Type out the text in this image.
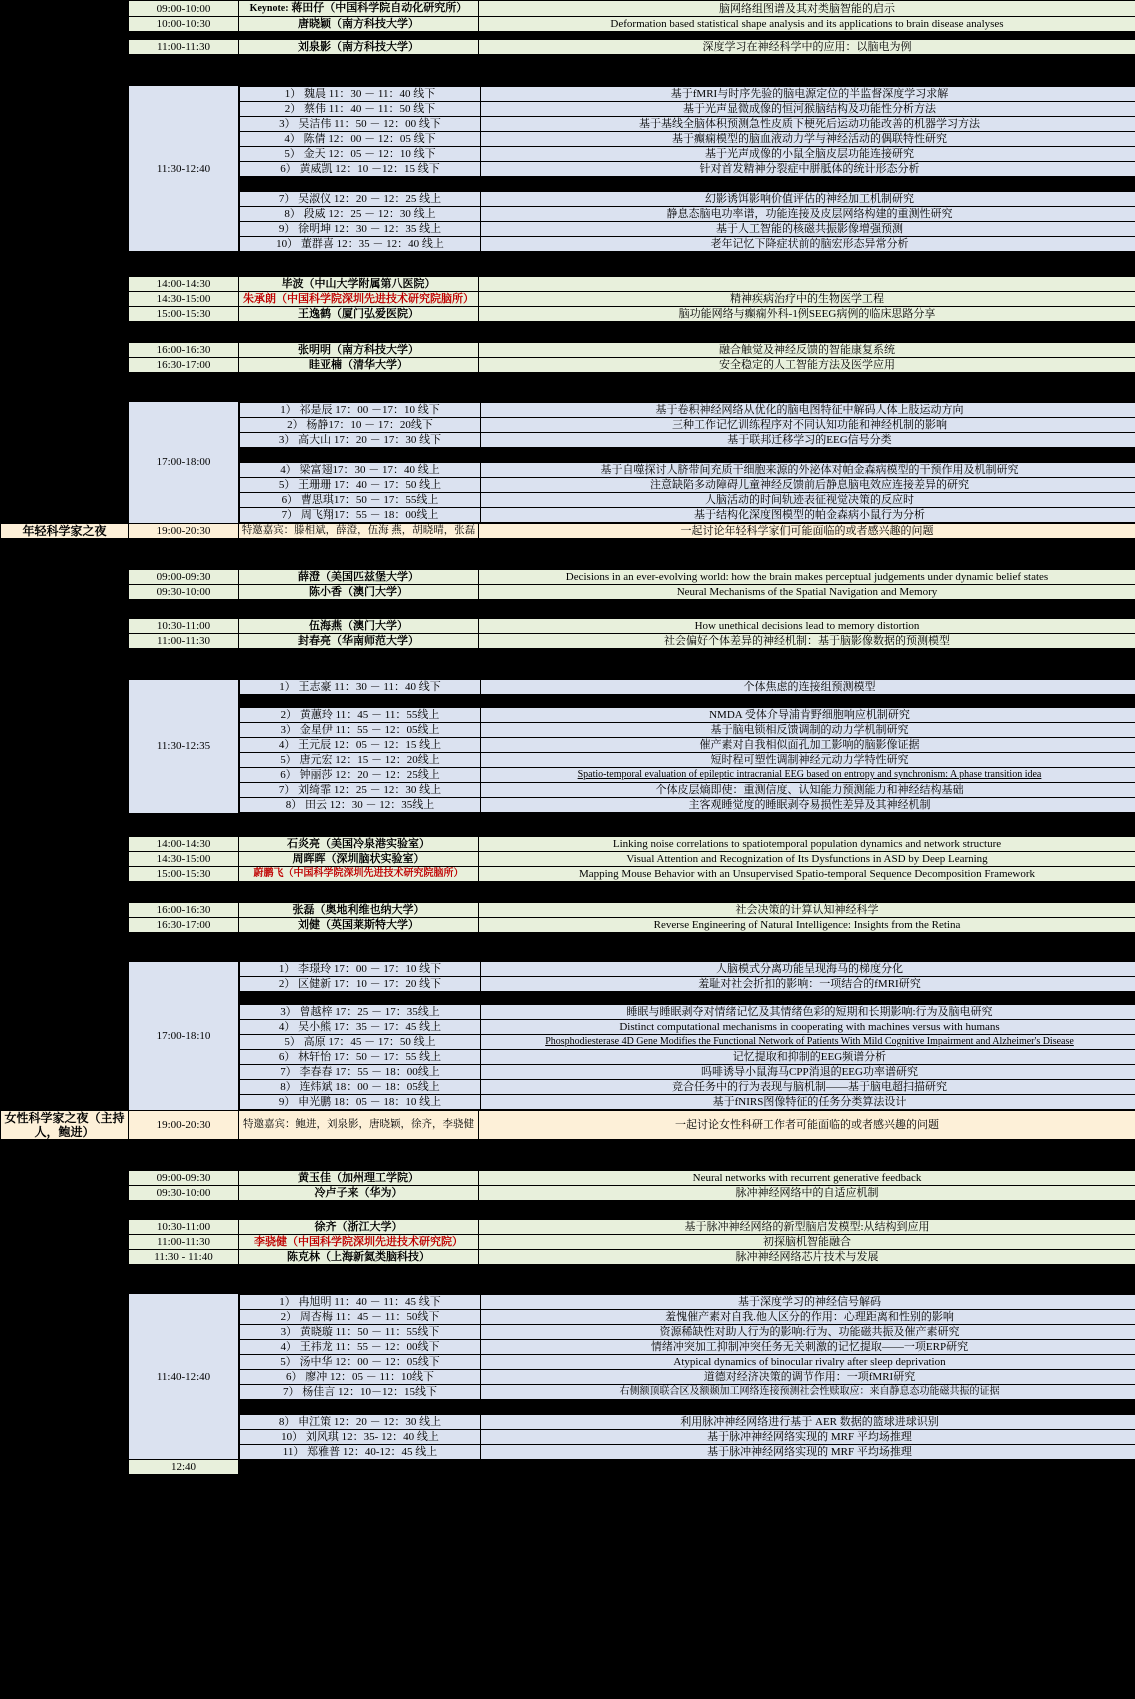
	09:00-10:00	Keynote: 蒋田仔（中国科学院自动化研究所）	脑网络组图谱及其对类脑智能的启示
	10:00-10:30	唐晓颖（南方科技大学）	Deformation based statistical shape analysis and its applications to brain disease analyses

	11:00-11:30	刘泉影（南方科技大学）	深度学习在神经科学中的应用：以脑电为例

	11:30-12:40	
1） 魏晨 11：30 － 11：40 线下	基于fMRI与时序先验的脑电源定位的半监督深度学习求解
2） 蔡伟 11：40 － 11：50 线下	基于光声显微成像的恒河猴脑结构及功能性分析方法
3） 吴洁伟 11：50 － 12：00 线下	基于基线全脑体积预测急性皮质下梗死后运动功能改善的机器学习方法
4） 陈倩 12：00 － 12：05 线下	基于癫痫模型的脑血液动力学与神经活动的偶联特性研究
5） 金天 12：05 － 12：10 线下	基于光声成像的小鼠全脑皮层功能连接研究
6） 黄威凯 12：10 －12：15 线下	针对首发精神分裂症中胼胝体的统计形态分析

7） 吴淑仪 12：20 － 12：25 线上	幻影诱饵影响价值评估的神经加工机制研究
8） 段威 12：25 － 12：30 线上	静息态脑电功率谱，功能连接及皮层网络构建的重测性研究
9） 徐明坤 12：30 － 12：35 线上	基于人工智能的核磁共振影像增强预测
10） 董群喜 12：35 － 12：40 线上	老年记忆下降症状前的脑宏形态异常分析

	14:00-14:30	毕波（中山大学附属第八医院）	
	14:30-15:00	朱承朗（中国科学院深圳先进技术研究院脑所）	精神疾病治疗中的生物医学工程
	15:00-15:30	王逸鹤（厦门弘爱医院）	脑功能网络与癫痫外科-1例SEEG病例的临床思路分享

	16:00-16:30	张明明（南方科技大学）	融合触觉及神经反馈的智能康复系统
	16:30-17:00	眭亚楠（清华大学）	安全稳定的人工智能方法及医学应用

	17:00-18:00	
1） 祁是辰 17：00 －17：10 线下	基于卷积神经网络从优化的脑电图特征中解码人体上肢运动方向
2） 杨静17：10 － 17：20线下	三种工作记忆训练程序对不同认知功能和神经机制的影响
3） 高大山 17：20 － 17：30 线下	基于联邦迁移学习的EEG信号分类

4） 梁富翅17：30 － 17：40 线上	基于自噬探讨人脐带间充质干细胞来源的外泌体对帕金森病模型的干预作用及机制研究
5） 王珊珊 17：40 － 17：50 线上	注意缺陷多动障碍儿童神经反馈前后静息脑电效应连接差异的研究
6） 曹思琪17：50 － 17：55线上	人脑活动的时间轨迹表征视觉决策的反应时
7） 周飞翔17：55 － 18：00线上	基于结构化深度图模型的帕金森病小鼠行为分析

年轻科学家之夜	19:00-20:30	特邀嘉宾：滕相斌，薛澄，伍海 燕，胡晓晴，张磊	一起讨论年轻科学家们可能面临的或者感兴趣的问题

	09:00-09:30	薛澄（美国匹兹堡大学）	Decisions in an ever-evolving world: how the brain makes perceptual judgements under dynamic belief states
	09:30-10:00	陈小香（澳门大学）	Neural Mechanisms of the Spatial Navigation and Memory

	10:30-11:00	伍海燕（澳门大学）	How unethical decisions lead to memory distortion
	11:00-11:30	封春亮（华南师范大学）	社会偏好个体差异的神经机制：基于脑影像数据的预测模型

	11:30-12:35	
1） 王志豪 11：30 － 11：40 线下	个体焦虑的连接组预测模型

2） 黄蕙玲 11：45 － 11：55线上	NMDA 受体介导浦肯野细胞响应机制研究
3） 金星伊 11：55 － 12：05线上	基于脑电锁相反馈调制的动力学机制研究
4） 王元辰 12：05 － 12：15 线上	催产素对自我相似面孔加工影响的脑影像证据
5） 唐元宏 12：15 － 12：20线上	短时程可塑性调制神经元动力学特性研究
6） 钟丽莎 12：20 － 12：25线上	Spatio-temporal evaluation of epileptic intracranial EEG based on entropy and synchronism: A phase transition idea
7） 刘绮霏 12：25 － 12：30 线上	个体皮层熵即使：重测信度、认知能力预测能力和神经结构基础
8） 田云 12：30 － 12：35线上	主客观睡觉度的睡眠剥夺易损性差异及其神经机制

	14:00-14:30	石炎亮（美国冷泉港实验室）	Linking noise correlations to spatiotemporal population dynamics and network structure
	14:30-15:00	周晖晖（深圳脑状实验室）	Visual Attention and Recognization of Its Dysfunctions in ASD by Deep Learning
	15:00-15:30	蔚鹏飞（中国科学院深圳先进技术研究院脑所）	Mapping Mouse Behavior with an Unsupervised Spatio-temporal Sequence Decomposition Framework

	16:00-16:30	张磊（奥地利维也纳大学）	社会决策的计算认知神经科学
	16:30-17:00	刘健（英国莱斯特大学）	Reverse Engineering of Natural Intelligence: Insights from the Retina

	17:00-18:10	
1） 李璟玲 17：00 － 17：10 线下	人脑模式分离功能呈现海马的梯度分化
2） 区健新 17：10 － 17：20 线下	羞耻对社会折扣的影响：一项结合的fMRI研究

3） 曾越梓 17：25 － 17：35线上	睡眠与睡眠剥夺对情绪记忆及其情绪色彩的短期和长期影响:行为及脑电研究
4） 吴小熊 17：35 － 17：45 线上	Distinct computational mechanisms in cooperating with machines versus with humans
5） 高原 17：45 － 17：50 线上	Phosphodiesterase 4D Gene Modifies the Functional Network of Patients With Mild Cognitive Impairment and Alzheimer's Disease
6） 林轩怡 17：50 － 17：55 线上	记忆提取和抑制的EEG频谱分析
7） 李春春 17：55 － 18：00线上	吗啡诱导小鼠海马CPP消退的EEG功率谱研究
8） 连炜斌 18：00 － 18：05线上	竞合任务中的行为表现与脑机制——基于脑电超扫描研究
9） 申光鹏 18：05 － 18：10 线上	基于fNIRS图像特征的任务分类算法设计

女性科学家之夜（主持人，鲍进）	19:00-20:30	特邀嘉宾：鲍进，刘泉影，唐晓颖，徐齐，李骁健	一起讨论女性科研工作者可能面临的或者感兴趣的问题

	09:00-09:30	黄玉佳（加州理工学院）	Neural networks with recurrent generative feedback
	09:30-10:00	冷卢子来（华为）	脉冲神经网络中的自适应机制

	10:30-11:00	徐齐（浙江大学）	基于脉冲神经网络的新型脑启发模型:从结构到应用
	11:00-11:30	李骁健（中国科学院深圳先进技术研究院）	初探脑机智能融合
	11:30 - 11:40	陈克林（上海新氦类脑科技）	脉冲神经网络芯片技术与发展

	11:40-12:40	
1） 冉旭明 11：40 － 11：45 线下	基于深度学习的神经信号解码
2） 周杏梅 11：45 － 11：50线下	羞愧催产素对自我.他人区分的作用：心理距离和性别的影响
3） 黄晓璇 11：50 － 11：55线下	资源稀缺性对助人行为的影响:行为、功能磁共振及催产素研究
4） 王祎龙 11：55 － 12：00线下	情绪冲突加工抑制冲突任务无关刺激的记忆提取——一项ERP研究
5） 汤中华 12：00 － 12：05线下	Atypical dynamics of binocular rivalry after sleep deprivation
6） 廖冲 12：05 － 11：10线下	道德对经济决策的调节作用：一项fMRI研究
7） 杨佳言 12：10－12：15线下	右侧额顶联合区及额颞加工网络连接预测社会性赎取应：来自静息态功能磁共振的证据

8） 申江策 12：20 － 12：30 线上	利用脉冲神经网络进行基于 AER 数据的篮球进球识别
10） 刘风琪 12：35- 12：40 线上	基于脉冲神经网络实现的 MRF 平均场推理
11） 郑雅普 12：40-12：45 线上	基于脉冲神经网络实现的 MRF 平均场推理

	12:40		
